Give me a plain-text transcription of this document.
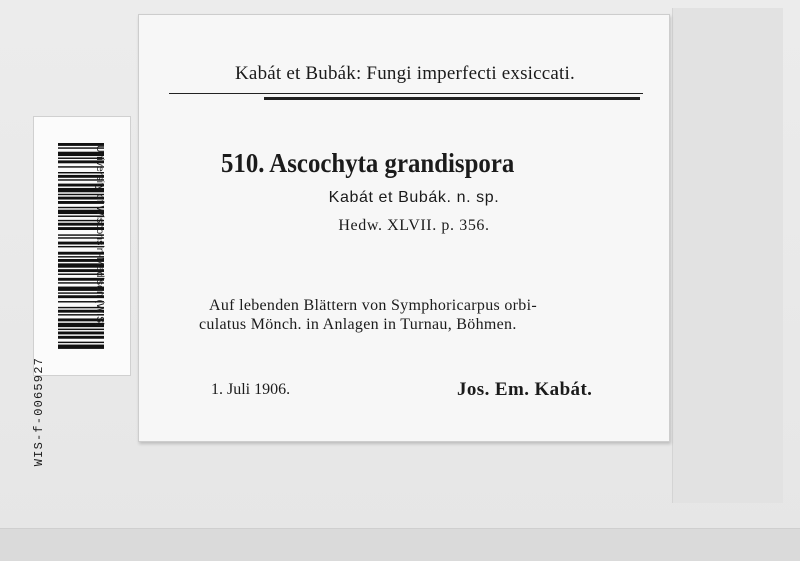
WIS-f-0065927
University of Wisconsin-Madison (WIS)
Kabát et Bubák: Fungi imperfecti exsiccati.
510. Ascochyta grandispora
Kabát et Bubák. n. sp.
Hedw. XLVII. p. 356.
Auf lebenden Blättern von Symphoricarpus orbi-
culatus Mönch. in Anlagen in Turnau, Böhmen.
1. Juli 1906.	Jos. Em. Kabát.
